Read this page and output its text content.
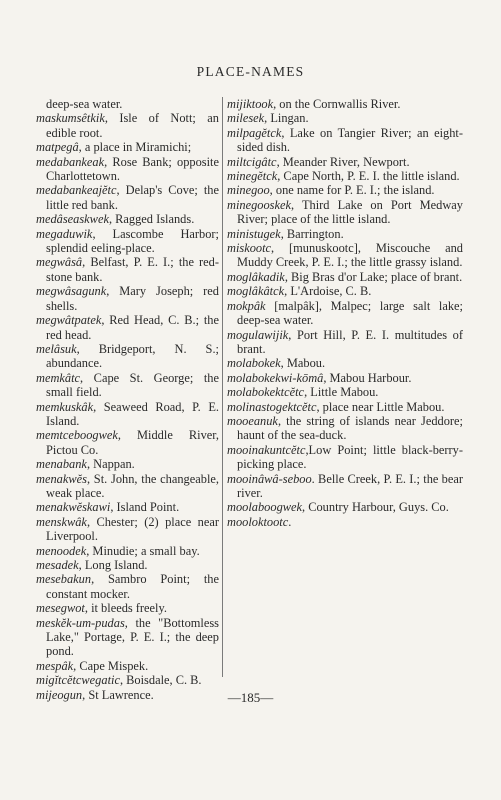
PLACE-NAMES
deep-sea water.
maskumsêtkik, Isle of Nott; an edible root.
matpegâ, a place in Miramichi;
medabankeak, Rose Bank; opposite Charlottetown.
medabankeajĕtc, Delap's Cove; the little red bank.
medâseaskwek, Ragged Islands.
megaduwik, Lascombe Harbor; splendid eeling-place.
megwâsâ, Belfast, P. E. I.; the red-stone bank.
megwâsagunk, Mary Joseph; red shells.
megwâtpatek, Red Head, C. B.; the red head.
melâsuk, Bridgeport, N. S.; abundance.
memkâtc, Cape St. George; the small field.
memkuskâk, Seaweed Road, P. E. Island.
memtceboogwek, Middle River, Pictou Co.
menabank, Nappan.
menakwĕs, St. John, the changeable, weak place.
menakwĕskawi, Island Point.
menskwâk, Chester; (2) place near Liverpool.
menoodek, Minudie; a small bay.
mesadek, Long Island.
mesebakun, Sambro Point; the constant mocker.
mesegwot, it bleeds freely.
meskĕk-um-pudas, the "Bottomless Lake," Portage, P. E. I.; the deep pond.
mespâk, Cape Mispek.
migĭtcĕtcwegatic, Boisdale, C. B.
mijeogun, St Lawrence.
mijiktook, on the Cornwallis River.
milesek, Lingan.
milpagĕtck, Lake on Tangier River; an eight-sided dish.
miltcigâtc, Meander River, Newport.
minegĕtck, Cape North, P. E. I. the little island.
minegoo, one name for P. E. I.; the island.
minegooskek, Third Lake on Port Medway River; place of the little island.
ministugek, Barrington.
miskootc, [munuskootc], Miscouche and Muddy Creek, P. E. I.; the little grassy island.
moglâkadik, Big Bras d'or Lake; place of brant.
moglâkâtck, L'Ardoise, C. B.
mokpâk [malpâk], Malpec; large salt lake; deep-sea water.
mogulawijik, Port Hill, P. E. I. multitudes of brant.
molabokek, Mabou.
molabokekwi-kōmâ, Mabou Harbour.
molabokektcĕtc, Little Mabou.
molinastogektcĕtc, place near Little Mabou.
mooeanuk, the string of islands near Jeddore; haunt of the sea-duck.
mooinakuntcĕtc,Low Point; little black-berry-picking place.
mooinâwâ-seboo. Belle Creek, P. E. I.; the bear river.
moolaboogwek, Country Harbour, Guys. Co.
mooloktootc.
—185—
